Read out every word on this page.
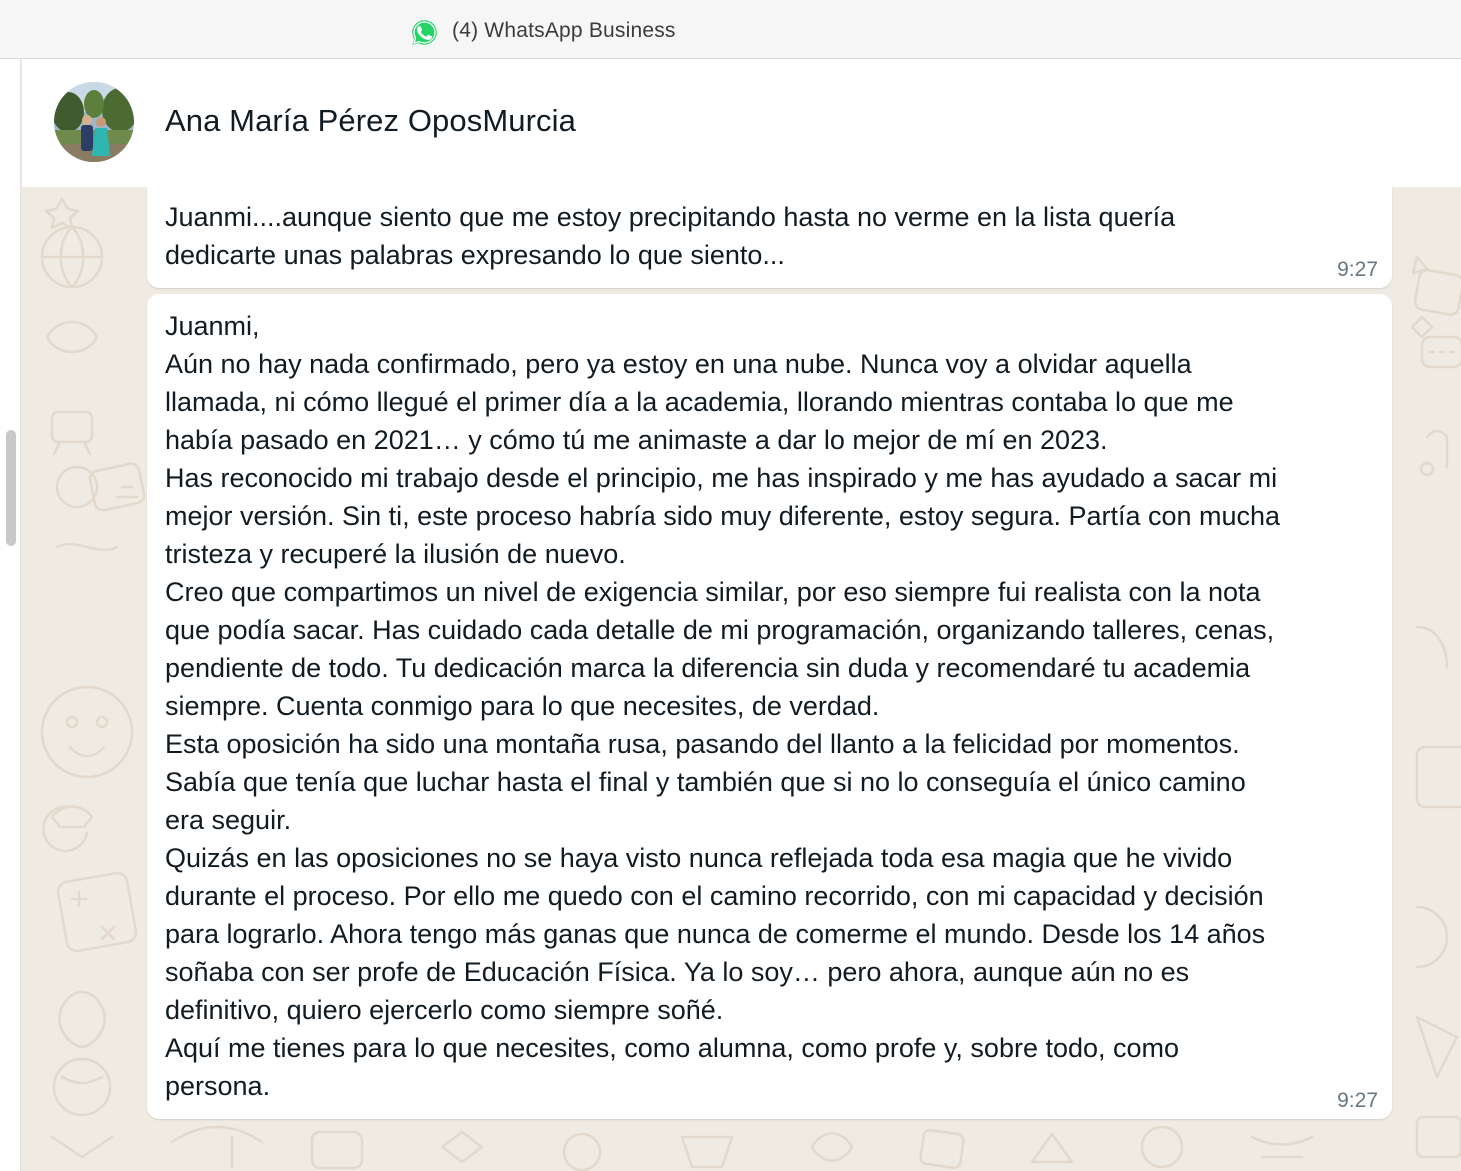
(4) WhatsApp Business
Ana María Pérez OposMurcia
Juanmi....aunque siento que me estoy precipitando hasta no verme en la lista quería
dedicarte unas palabras expresando lo que siento...	9:27
Juanmi,
Aún no hay nada confirmado, pero ya estoy en una nube. Nunca voy a olvidar aquella
llamada, ni cómo llegué el primer día a la academia, llorando mientras contaba lo que me
había pasado en 2021… y cómo tú me animaste a dar lo mejor de mí en 2023.
Has reconocido mi trabajo desde el principio, me has inspirado y me has ayudado a sacar mi
mejor versión. Sin ti, este proceso habría sido muy diferente, estoy segura. Partía con mucha
tristeza y recuperé la ilusión de nuevo.
Creo que compartimos un nivel de exigencia similar, por eso siempre fui realista con la nota
que podía sacar. Has cuidado cada detalle de mi programación, organizando talleres, cenas,
pendiente de todo. Tu dedicación marca la diferencia sin duda y recomendaré tu academia
siempre. Cuenta conmigo para lo que necesites, de verdad.
Esta oposición ha sido una montaña rusa, pasando del llanto a la felicidad por momentos.
Sabía que tenía que luchar hasta el final y también que si no lo conseguía el único camino
era seguir.
Quizás en las oposiciones no se haya visto nunca reflejada toda esa magia que he vivido
durante el proceso. Por ello me quedo con el camino recorrido, con mi capacidad y decisión
para lograrlo. Ahora tengo más ganas que nunca de comerme el mundo. Desde los 14 años
soñaba con ser profe de Educación Física. Ya lo soy… pero ahora, aunque aún no es
definitivo, quiero ejercerlo como siempre soñé.
Aquí me tienes para lo que necesites, como alumna, como profe y, sobre todo, como
persona.	9:27
